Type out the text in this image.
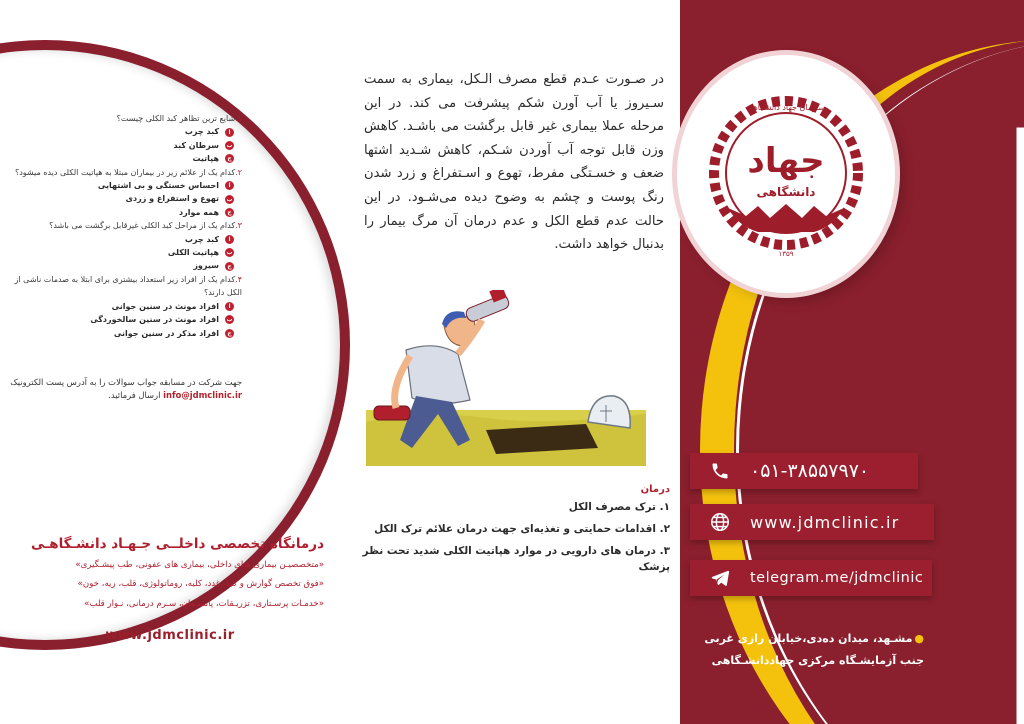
۱.شایع ترین تظاهر کبد الکلی چیست؟
ا
کبد چرب
ب
سرطان کبد
ج
هپاتیت
۲.کدام یک از علائم زیر در بیماران مبتلا به هپاتیت الکلی دیده میشود؟
ا
احساس خستگی و بی اشتهایی
ب
تهوع و استفراغ و زردی
ج
همه موارد
۳.کدام یک از مراحل کبد الکلی غیرقابل برگشت می باشد؟
ا
کبد چرب
ب
هپاتیت الکلی
ج
سیروز
۴.کدام یک از افراد زیر استعداد بیشتری برای ابتلا به صدمات ناشی از الکل دارند؟
ا
افراد مونث در سنین جوانی
ب
افراد مونث در سنین سالخوردگی
ج
افراد مذکر در سنین جوانی
جهت شرکت در مسابقه جواب سوالات را به آدرس پست الکترونیک info@jdmclinic.ir ارسال فرمائید.
درمانگاه تخصصی داخلــی جـهـاد دانشـگاهـی
«متخصصیـن بیماری هـای داخلی، بیماری های عفونی، طب پیشـگیری»
«فوق تخصص گوارش و کبد، غدد، کلیه، روماتولوژی، قلب، ریه، خون»
«خدمـات پرسـتاری، تزریـقات، پانسـمان، سـرم درمانی، نـوار قلب»
www.jdmclinic.ir
در صـورت عـدم قطع مصرف الـکل، بیماری به سمت سـیروز یا آب آورن شکم پیشرفت می کند. در این مرحله عملا بیماری غیر قابل برگشت می باشـد. کاهش وزن قابل توجه آب آوردن شـکم، کاهش شـدید اشتها ضعف و خسـتگی مفرط، تهوع و اسـتفراغ و زرد شدن رنگ پوست و چشم به وضوح دیده می‌شـود. در این حالت عدم قطع الکل و عدم درمان آن مرگ بیمار را بدنبال خواهد داشت.
درمان
۱. ترک مصرف الکل
۲. اقدامات حمایتی و تغذیه‌ای جهت درمان علائم ترک الکل
۳. درمان های دارویی در موارد هپاتیت الکلی شدید تحت نظر پزشک
جهاد
دانشگاهی
سازمان جهاد دانشگاهی
۱۳۵۹
۰۵۱-۳۸۵۵۷۹۷۰
www.jdmclinic.ir
telegram.me/jdmclinic
●مشـهد، میدان ده‌دی،خیابان رازی غربی
جنب آزمایشـگاه مرکزی جهاددانشـگاهی
